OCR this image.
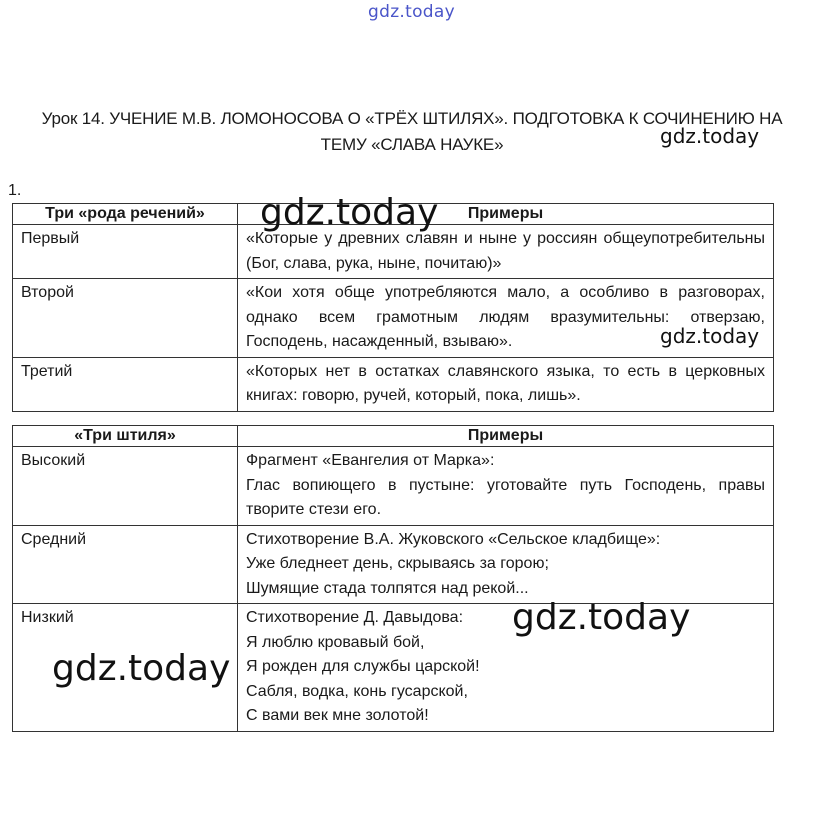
gdz.today
Урок 14. УЧЕНИЕ М.В. ЛОМОНОСОВА О «ТРЁХ ШТИЛЯХ». ПОДГОТОВКА К СОЧИНЕНИЮ НА
ТЕМУ «СЛАВА НАУКЕ»
1.
Три «рода речений»	Примеры
Первый	«Которые у древних славян и ныне у россиян общеупотребительны (Бог, слава, рука, ныне, почитаю)»
Второй	«Кои хотя обще употребляются мало, а особливо в разговорах, однако всем грамотным людям вразумительны: отверзаю, Господень, насажденный, взываю».
Третий	«Которых нет в остатках славянского языка, то есть в церковных книгах: говорю, ручей, который, пока, лишь».
«Три штиля»	Примеры
Высокий	Фрагмент «Евангелия от Марка»:
Глас вопиющего в пустыне: уготовайте путь Господень, правы творите стези его.

Средний	Стихотворение В.А. Жуковского «Сельское кладбище»:
Уже бледнеет день, скрываясь за горою;
Шумящие стада толпятся над рекой...

Низкий	Стихотворение Д. Давыдова:
Я люблю кровавый бой,
Я рожден для службы царской!
Сабля, водка, конь гусарской,
С вами век мне золотой!
gdz.today
gdz.today
gdz.today
gdz.today
gdz.today
